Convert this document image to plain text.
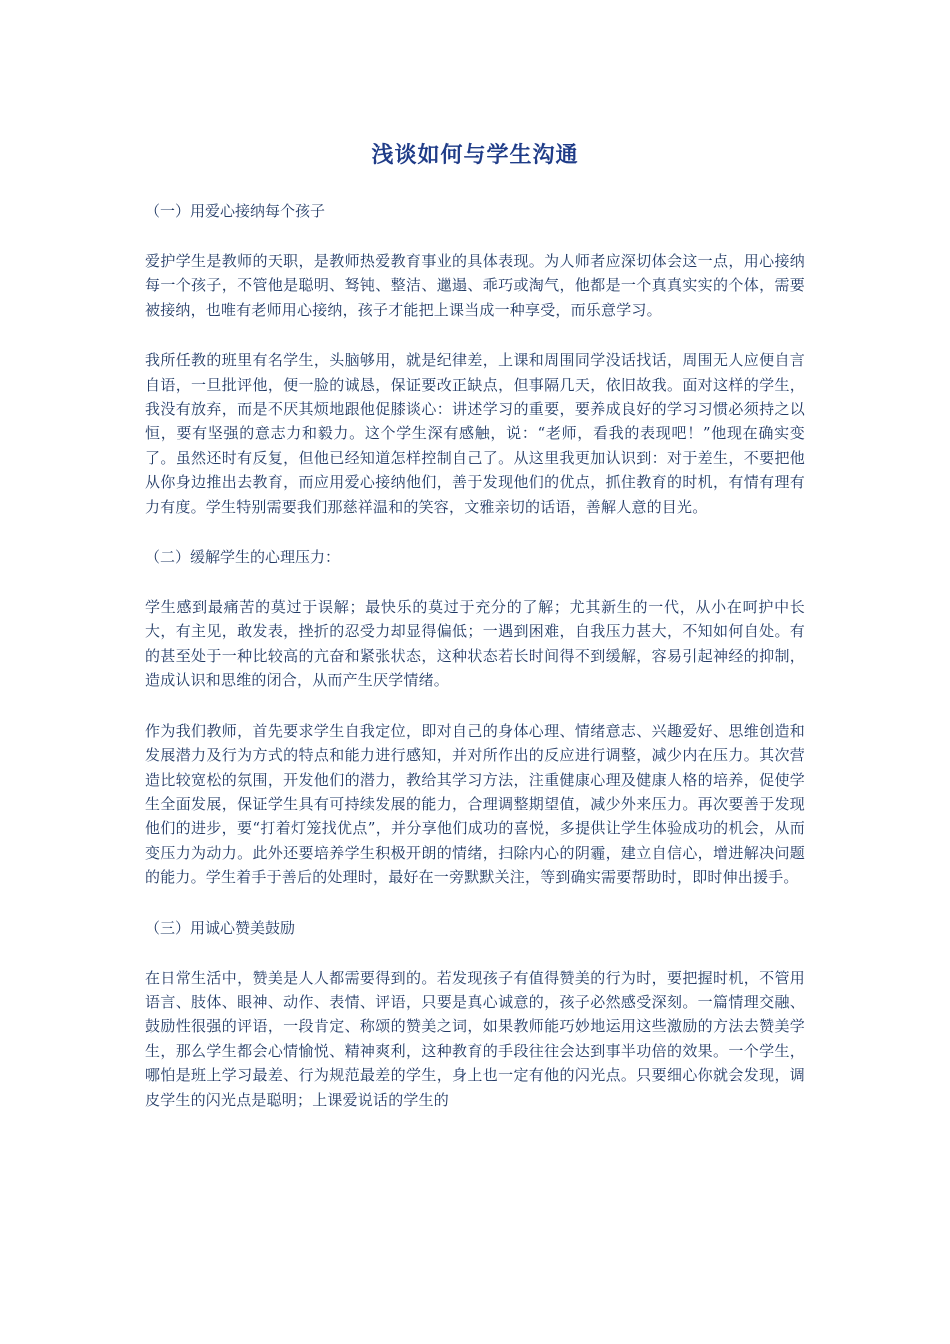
浅谈如何与学生沟通

（一）用爱心接纳每个孩子

爱护学生是教师的天职，是教师热爱教育事业的具体表现。为人师者应深切体会这一点，用心接纳每一个孩子，不管他是聪明、驽钝、整洁、邋遢、乖巧或淘气，他都是一个真真实实的个体，需要被接纳，也唯有老师用心接纳，孩子才能把上课当成一种享受，而乐意学习。

我所任教的班里有名学生，头脑够用，就是纪律差，上课和周围同学没话找话，周围无人应便自言自语，一旦批评他，便一脸的诚恳，保证要改正缺点，但事隔几天，依旧故我。面对这样的学生，我没有放弃，而是不厌其烦地跟他促膝谈心：讲述学习的重要，要养成良好的学习习惯必须持之以恒，要有坚强的意志力和毅力。这个学生深有感触，说：“老师，看我的表现吧！”他现在确实变了。虽然还时有反复，但他已经知道怎样控制自己了。从这里我更加认识到：对于差生，不要把他从你身边推出去教育，而应用爱心接纳他们，善于发现他们的优点，抓住教育的时机，有情有理有力有度。学生特别需要我们那慈祥温和的笑容，文雅亲切的话语，善解人意的目光。

（二）缓解学生的心理压力：

学生感到最痛苦的莫过于误解；最快乐的莫过于充分的了解；尤其新生的一代，从小在呵护中长大，有主见，敢发表，挫折的忍受力却显得偏低；一遇到困难，自我压力甚大，不知如何自处。有的甚至处于一种比较高的亢奋和紧张状态，这种状态若长时间得不到缓解，容易引起神经的抑制，造成认识和思维的闭合，从而产生厌学情绪。

作为我们教师，首先要求学生自我定位，即对自己的身体心理、情绪意志、兴趣爱好、思维创造和发展潜力及行为方式的特点和能力进行感知，并对所作出的反应进行调整，减少内在压力。其次营造比较宽松的氛围，开发他们的潜力，教给其学习方法，注重健康心理及健康人格的培养，促使学生全面发展，保证学生具有可持续发展的能力，合理调整期望值，减少外来压力。再次要善于发现他们的进步，要“打着灯笼找优点”，并分享他们成功的喜悦，多提供让学生体验成功的机会，从而变压力为动力。此外还要培养学生积极开朗的情绪，扫除内心的阴霾，建立自信心，增进解决问题的能力。学生着手于善后的处理时，最好在一旁默默关注，等到确实需要帮助时，即时伸出援手。

（三）用诚心赞美鼓励

在日常生活中，赞美是人人都需要得到的。若发现孩子有值得赞美的行为时，要把握时机，不管用语言、肢体、眼神、动作、表情、评语，只要是真心诚意的，孩子必然感受深刻。一篇情理交融、鼓励性很强的评语，一段肯定、称颂的赞美之词，如果教师能巧妙地运用这些激励的方法去赞美学生，那么学生都会心情愉悦、精神爽利，这种教育的手段往往会达到事半功倍的效果。一个学生，哪怕是班上学习最差、行为规范最差的学生，身上也一定有他的闪光点。只要细心你就会发现，调皮学生的闪光点是聪明；上课爱说话的学生的
